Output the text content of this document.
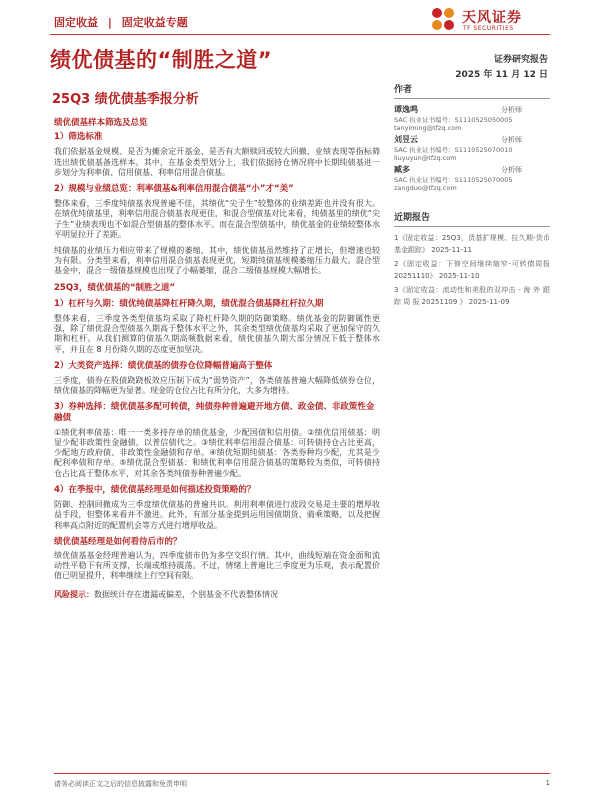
固定收益 | 固定收益专题	天风证券
TF SECURITIES
绩优债基的“制胜之道”	证券研究报告
2025 年 11 月 12 日
25Q3 绩优债基季报分析
绩优债基样本筛选及总览
1）筛选标准

我们依据基金规模、是否为摊余定开基金、是否有大额赎回或较大回撤、业绩表现等指标筛选出绩优债基备选样本。其中，在基金类型划分上，我们依据持仓情况将中长期纯债基进一步划分为利率债、信用债基、利率信用混合债基。

2）规模与业绩总览：利率债基&利率信用混合债基“小”才“美”

整体来看，三季度纯债基表现普遍不佳，其绩优“尖子生”较整体的业绩差距也并没有很大。在绩优纯债基里，利率信用混合债基表现更佳，和混合型债基对比来看，纯债基里的绩优“尖子生”业绩表现也不如混合型债基的整体水平。而在混合型债基中，绩优基金的业绩较整体水平明显拉开了差距。

纯债基的业绩压力相应带来了规模的萎缩，其中，绩优债基虽然维持了正增长，但增速也较为有限。分类型来看，利率信用混合债基表现更优，短期纯债基规模萎缩压力最大。混合型基金中，混合一级债基规模也出现了小幅萎缩，混合二级债基规模大幅增长。

25Q3，绩优债基的“制胜之道”
1）杠杆与久期：绩优纯债基降杠杆降久期，绩优混合债基降杠杆拉久期

整体来看，三季度各类型债基均采取了降杠杆降久期的防御策略。绩优基金的防御属性更强，除了绩优混合型债基久期高于整体水平之外，其余类型绩优债基均采取了更加保守的久期和杠杆。从我们测算的债基久期高频数据来看，绩优债基久期大部分情况下低于整体水平，并且在 8 月份降久期的态度更加坚决。

2）大类资产选择：绩优债基的债券仓位降幅普遍高于整体

三季度，债券在股债跷跷板效应压制下成为“弱势资产”，各类债基普遍大幅降低债券仓位，绩优债基的降幅更为显著。现金的仓位占比有所分化，大多为增持。

3）券种选择：绩优债基多配可转债，纯债券种普遍避开地方债、政金债、非政策性金融债

①绩优利率债基：唯一一类多持存单的绩优基金，少配国债和信用债。②绩优信用债基：明显少配非政策性金融债，以普信债代之。③绩优利率信用混合债基：可转债持仓占比更高，少配地方政府债、非政策性金融债和存单。④绩优短期纯债基：各类券种均少配，尤其是少配利率债和存单。⑤绩优混合型债基：和绩优利率信用混合债基的策略较为类似，可转债持仓占比高于整体水平，对其余各类纯债券种普遍少配。

4）在季报中，绩优债基经理是如何描述投资策略的？

防御、控制回撤成为三季度绩优债基的普遍共识。利用利率债进行波段交易是主要的增厚收益手段，但整体来看并不激进。此外，有部分基金提到运用国债期货、骑乘策略，以及把握利率高点附近的配置机会等方式进行增厚收益。

绩优债基经理是如何看待后市的？

绩优债基基金经理普遍认为，四季度债市仍为多空交织行情。其中，曲线短端在资金面和流动性平稳下有所支撑，长端或维持震荡。不过，情绪上普遍比三季度更为乐观，表示配置价值已明显提升，利率继续上行空间有限。

风险提示：数据统计存在遗漏或偏差，个别基金不代表整体情况

作者
谭逸鸣	分析师
SAC 执业证书编号：S1110525050005
tanyiming@tfzq.com
刘昱云	分析师
SAC 执业证书编号：S1110525070010
liuyuyun@tfzq.com
臧多	分析师
SAC 执业证书编号：S1110525070005
zangduo@tfzq.com
近期报告
1《固定收益：25Q3，货基扩规模、拉久期-货币基金跟踪》 2025-11-11
2《固定收益：下修空间继续缩窄-可转债周报 20251110》 2025-11-10
3《固定收益：流动性和美股的双冲击 - 海 外 跟 踪 周 报 20251109 》 2025-11-09
请务必阅读正文之后的信息披露和免责申明	1
